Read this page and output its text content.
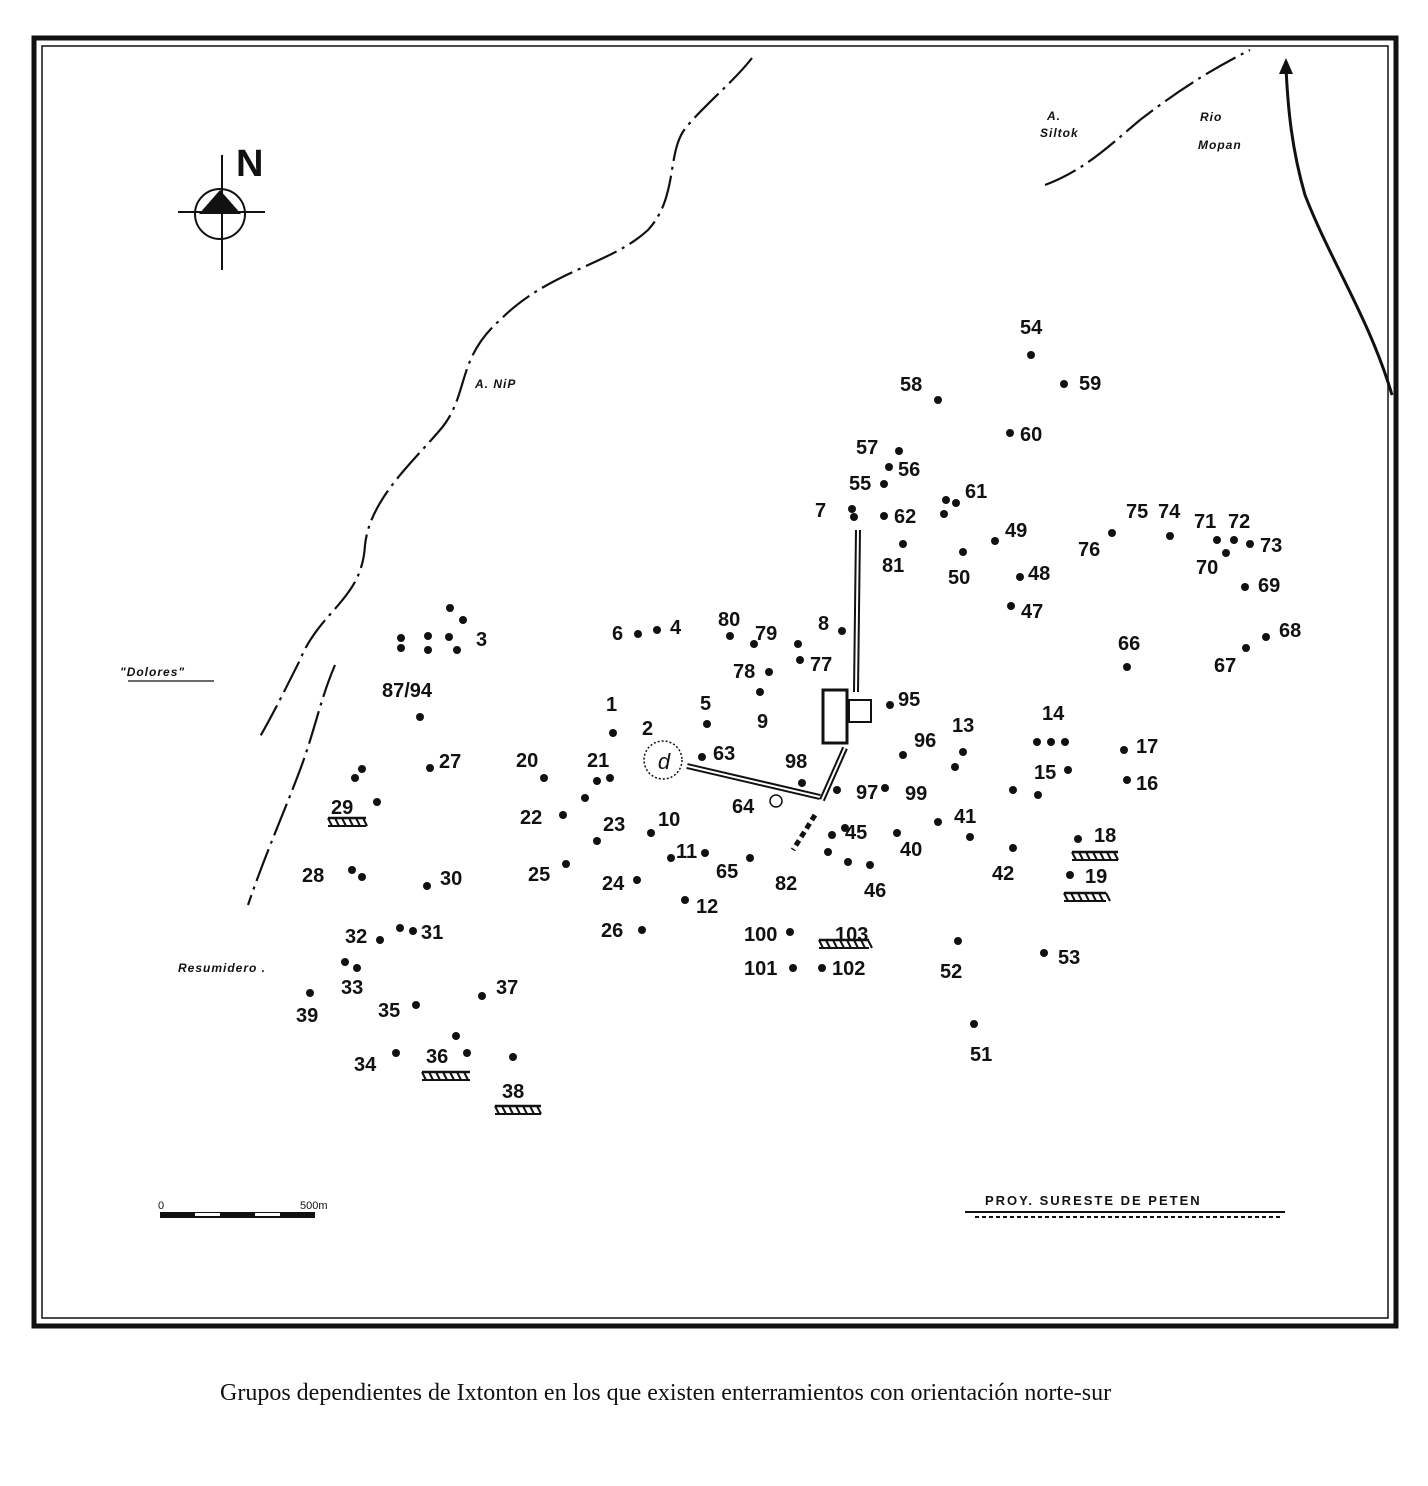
N
A. NiP
A.
Siltok
Rio
Mopan
"Dolores"
Resumidero .
d
1
2
3
4
5
6
7
8
9
10
11
12
13
14
15	16
17
18
19
20 21
22	23
24
25
26
27
28
29
30
31
32
33
34
35
36
37
38
39
40
41
42
45
46
47
48
49
50
51
52
53
54
55
56
57
58	59
60
61
62
63
64
65
66
67
68
69
70
71 72
73
74
75
76
77
78
79
80
81
82
87/94	95
96
97
98
99
100
101	102
103
0	500m	PROY. SURESTE DE PETEN
Grupos dependientes de Ixtonton en los que existen enterramientos con orientación norte-sur
